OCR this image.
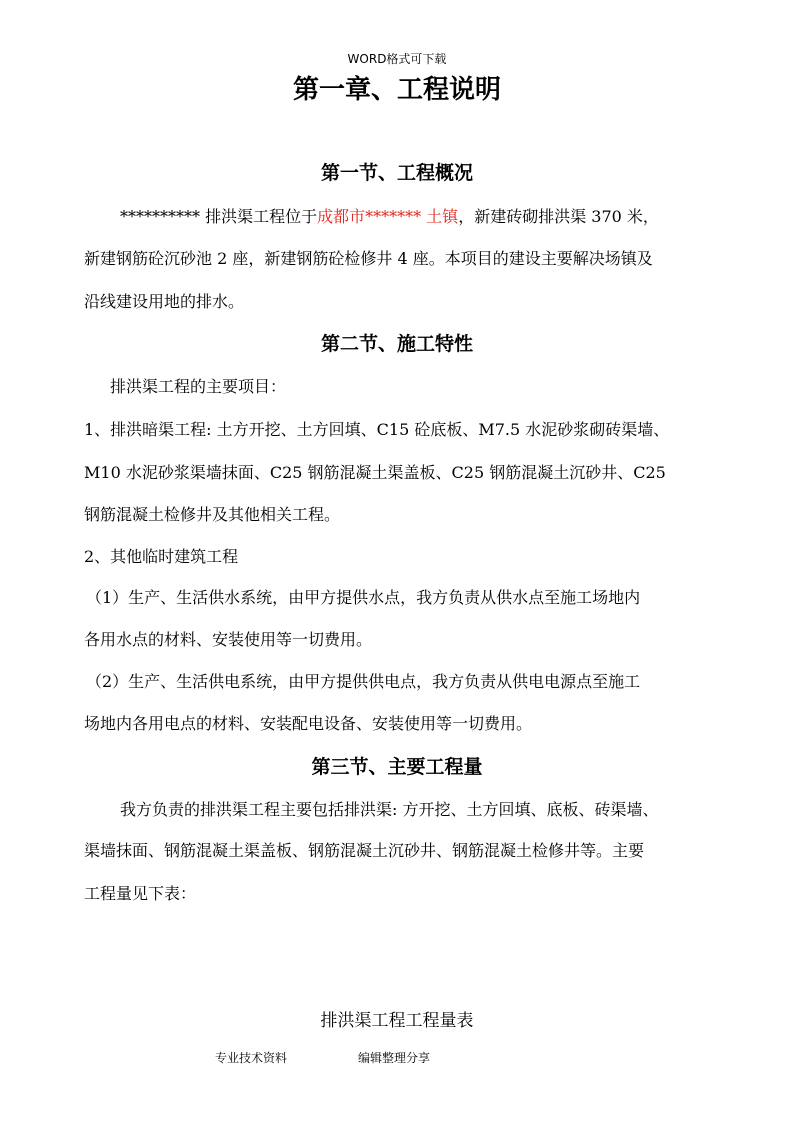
WORD格式可下载
第一章、工程说明
第一节、工程概况
********** 排洪渠工程位于成都市******* 土镇，新建砖砌排洪渠 370 米，
新建钢筋砼沉砂池 2 座，新建钢筋砼检修井 4 座。本项目的建设主要解决场镇及
沿线建设用地的排水。
第二节、施工特性
排洪渠工程的主要项目：
1、排洪暗渠工程: 土方开挖、土方回填、C15 砼底板、M7.5 水泥砂浆砌砖渠墙、
M10 水泥砂浆渠墙抹面、C25 钢筋混凝土渠盖板、C25 钢筋混凝土沉砂井、C25
钢筋混凝土检修井及其他相关工程。
2、其他临时建筑工程
（1）生产、生活供水系统，由甲方提供水点，我方负责从供水点至施工场地内
各用水点的材料、安装使用等一切费用。
（2）生产、生活供电系统，由甲方提供供电点，我方负责从供电电源点至施工
场地内各用电点的材料、安装配电设备、安装使用等一切费用。
第三节、主要工程量
我方负责的排洪渠工程主要包括排洪渠: 方开挖、土方回填、底板、砖渠墙、
渠墙抹面、钢筋混凝土渠盖板、钢筋混凝土沉砂井、钢筋混凝土检修井等。主要
工程量见下表：
排洪渠工程工程量表
专业技术资料	编辑整理分享
